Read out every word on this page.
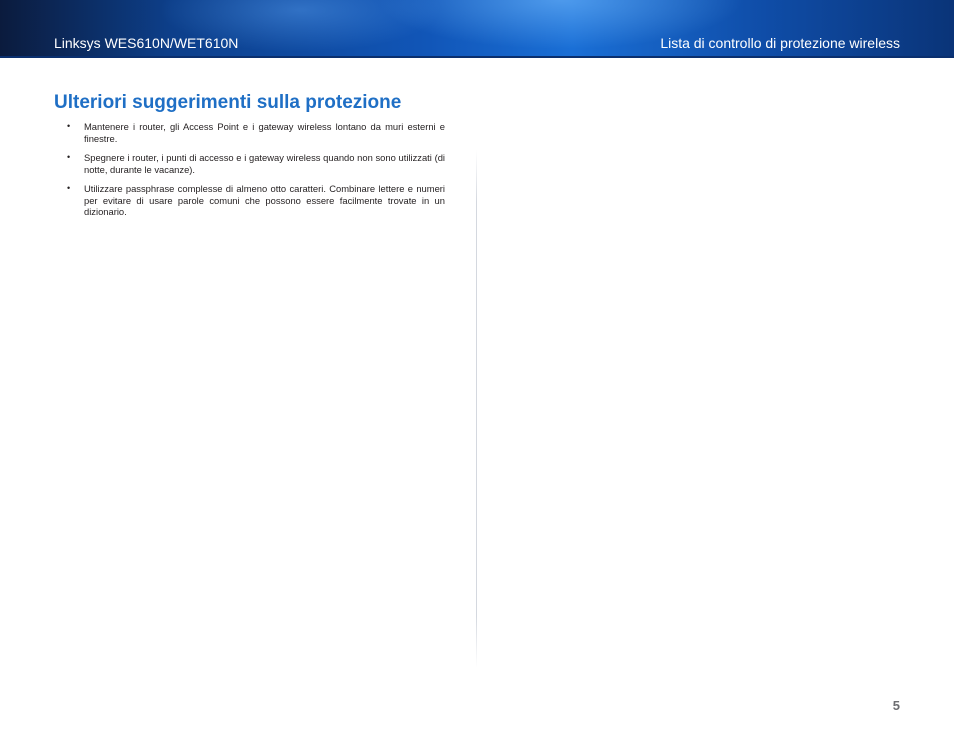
Linksys WES610N/WET610N	Lista di controllo di protezione wireless
Ulteriori suggerimenti sulla protezione
• Mantenere i router, gli Access Point e i gateway wireless lontano da muri esterni e finestre.
• Spegnere i router, i punti di accesso e i gateway wireless quando non sono utilizzati (di notte, durante le vacanze).
• Utilizzare passphrase complesse di almeno otto caratteri. Combinare lettere e numeri per evitare di usare parole comuni che possono essere facilmente trovate in un dizionario.
5
